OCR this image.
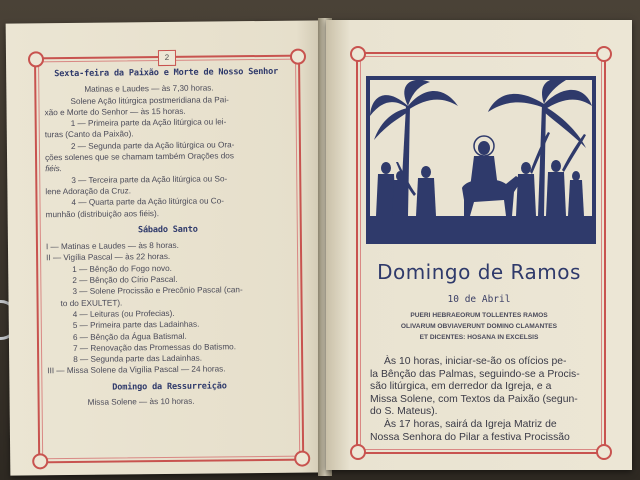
2
Sexta-feira da Paixão e Morte de Nosso Senhor
Matinas e Laudes — às 7,30 horas.
Solene Ação litúrgica postmeridiana da Pai-
xão e Morte do Senhor — às 15 horas.
1 — Primeira parte da Ação litúrgica ou lei-
turas (Canto da Paixão).
2 — Segunda parte da Ação litúrgica ou Ora-
ções solenes que se chamam também Orações dos
fiéis.
3 — Terceira parte da Ação litúrgica ou So-
lene Adoração da Cruz.
4 — Quarta parte da Ação litúrgica ou Co-
munhão (distribuição aos fiéis).
Sábado Santo
I — Matinas e Laudes — às 8 horas.
II — Vigília Pascal — às 22 horas.
1 — Bênção do Fogo novo.
2 — Bênção do Círio Pascal.
3 — Solene Procissão e Precônio Pascal (can-
to do EXULTET).
4 — Leituras (ou Profecias).
5 — Primeira parte das Ladainhas.
6 — Bênção da Água Batismal.
7 — Renovação das Promessas do Batismo.
8 — Segunda parte das Ladainhas.
III — Missa Solene da Vigília Pascal — 24 horas.
Domingo da Ressurreição
Missa Solene — às 10 horas.
Domingo de Ramos
10 de Abril
PUERI HEBRAEORUM TOLLENTES RAMOS
OLIVARUM OBVIAVERUNT DOMINO CLAMANTES
ET DICENTES: HOSANA IN EXCELSIS
Às 10 horas, iniciar-se-ão os ofícios pe-
la Bênção das Palmas, seguindo-se a Procis-
são litúrgica, em derredor da Igreja, e a
Missa Solene, com Textos da Paixão (segun-
do S. Mateus).
Às 17 horas, sairá da Igreja Matriz de
Nossa Senhora do Pilar a festiva Procissão
